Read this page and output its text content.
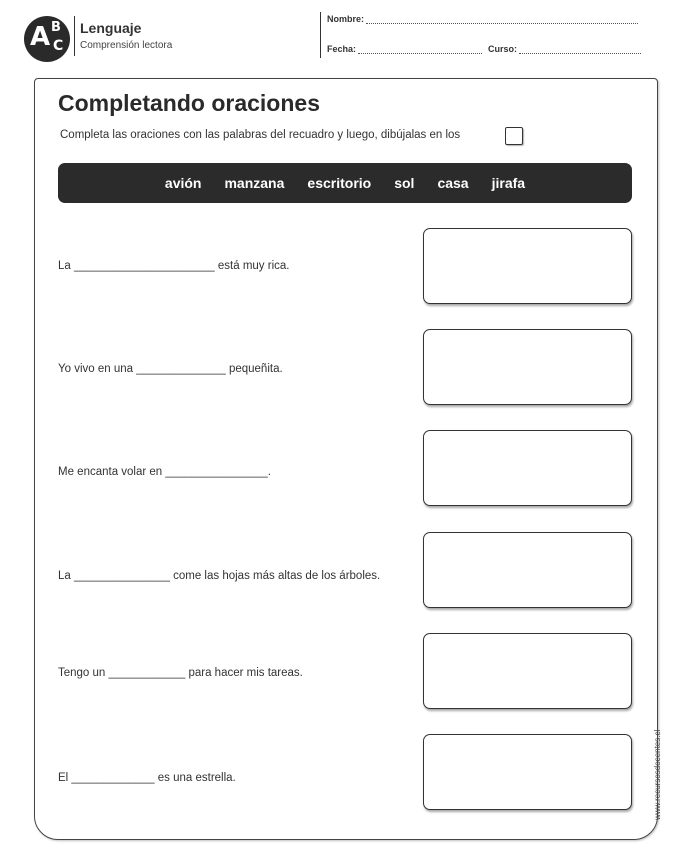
A B
C
Lenguaje
Comprensión lectora
Nombre:
Fecha:	Curso:
Completando oraciones
Completa las oraciones con las palabras del recuadro y luego, dibújalas en los
avión manzana escritorio sol casa jirafa
La ______________________ está muy rica.
Yo vivo en una ______________ pequeñita.
Me encanta volar en ________________.
La _______________ come las hojas más altas de los árboles.
Tengo un ____________ para hacer mis tareas.
El _____________ es una estrella.	www.recursosdocentes.cl
